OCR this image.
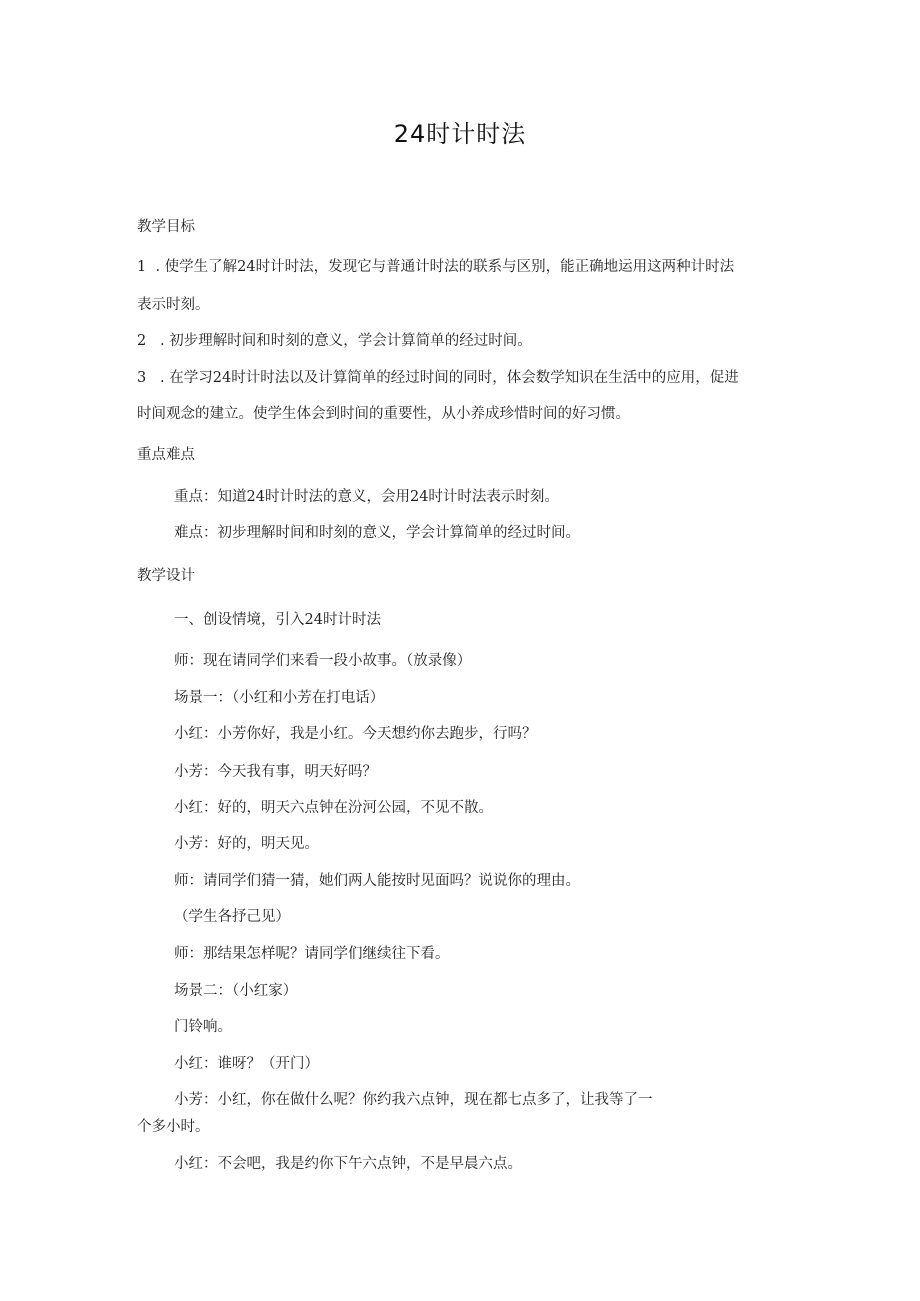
24时计时法
教学目标
1  . 使学生了解24时计时法，发现它与普通计时法的联系与区别，能正确地运用这两种计时法
表示时刻。
2   . 初步理解时间和时刻的意义，学会计算简单的经过时间。
3   . 在学习24时计时法以及计算简单的经过时间的同时，体会数学知识在生活中的应用，促进
时间观念的建立。使学生体会到时间的重要性，从小养成珍惜时间的好习惯。
重点难点
重点：知道24时计时法的意义，会用24时计时法表示时刻。
难点：初步理解时间和时刻的意义，学会计算简单的经过时间。
教学设计
一、创设情境，引入24时计时法
师：现在请同学们来看一段小故事。（放录像）
场景一：（小红和小芳在打电话）
小红：小芳你好，我是小红。今天想约你去跑步，行吗？
小芳：今天我有事，明天好吗？
小红：好的，明天六点钟在汾河公园，不见不散。
小芳：好的，明天见。
师：请同学们猜一猜，她们两人能按时见面吗？说说你的理由。
（学生各抒己见）
师：那结果怎样呢？请同学们继续往下看。
场景二：（小红家）
门铃响。
小红：谁呀？（开门）
小芳：小红，你在做什么呢？你约我六点钟，现在都七点多了，让我等了一
个多小时。
小红：不会吧，我是约你下午六点钟，不是早晨六点。
